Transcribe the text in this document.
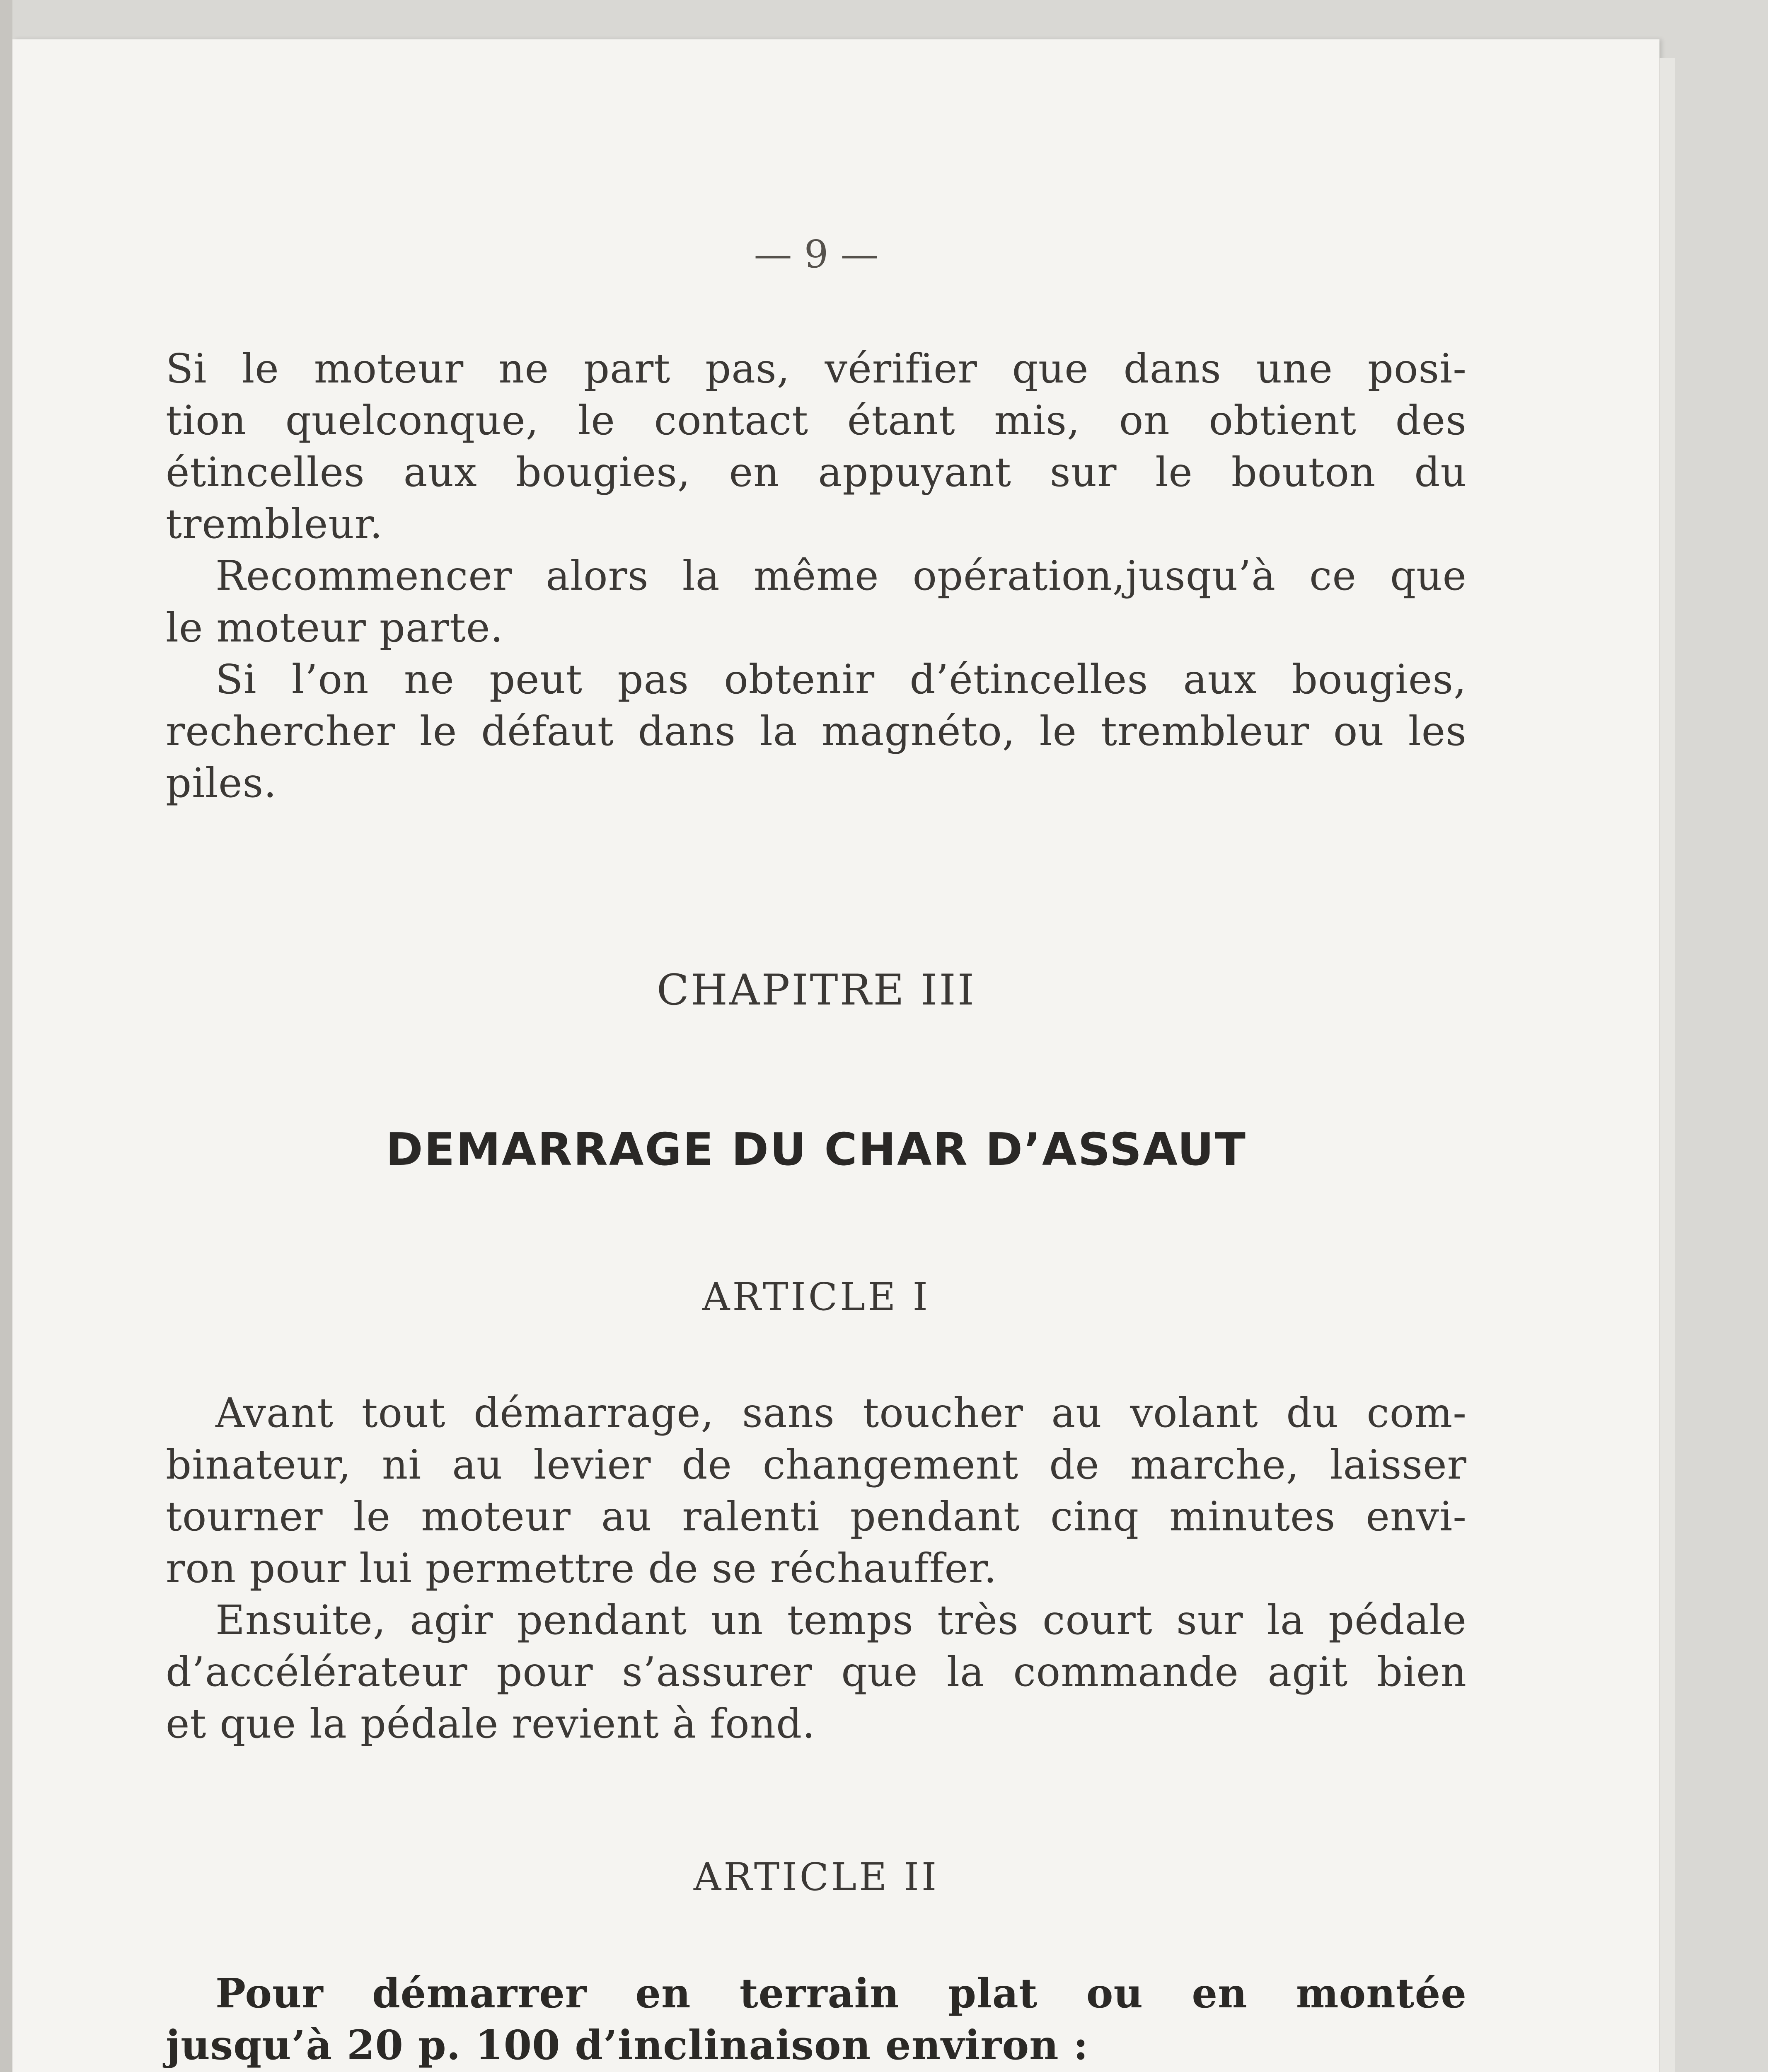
— 9 —
Si le moteur ne part pas, vérifier que dans une posi-
tion quelconque, le contact étant mis, on obtient des
étincelles aux bougies, en appuyant sur le bouton du
trembleur.
Recommencer alors la même opération,jusqu’à ce que
le moteur parte.
Si l’on ne peut pas obtenir d’étincelles aux bougies,
rechercher le défaut dans la magnéto, le trembleur ou les
piles.
CHAPITRE III
DEMARRAGE DU CHAR D’ASSAUT
ARTICLE I
Avant tout démarrage, sans toucher au volant du com-
binateur, ni au levier de changement de marche, laisser
tourner le moteur au ralenti pendant cinq minutes envi-
ron pour lui permettre de se réchauffer.
Ensuite, agir pendant un temps très court sur la pédale
d’accélérateur pour s’assurer que la commande agit bien
et que la pédale revient à fond.
ARTICLE II
Pour démarrer en terrain plat ou en montée
jusqu’à 20 p. 100 d’inclinaison environ :
